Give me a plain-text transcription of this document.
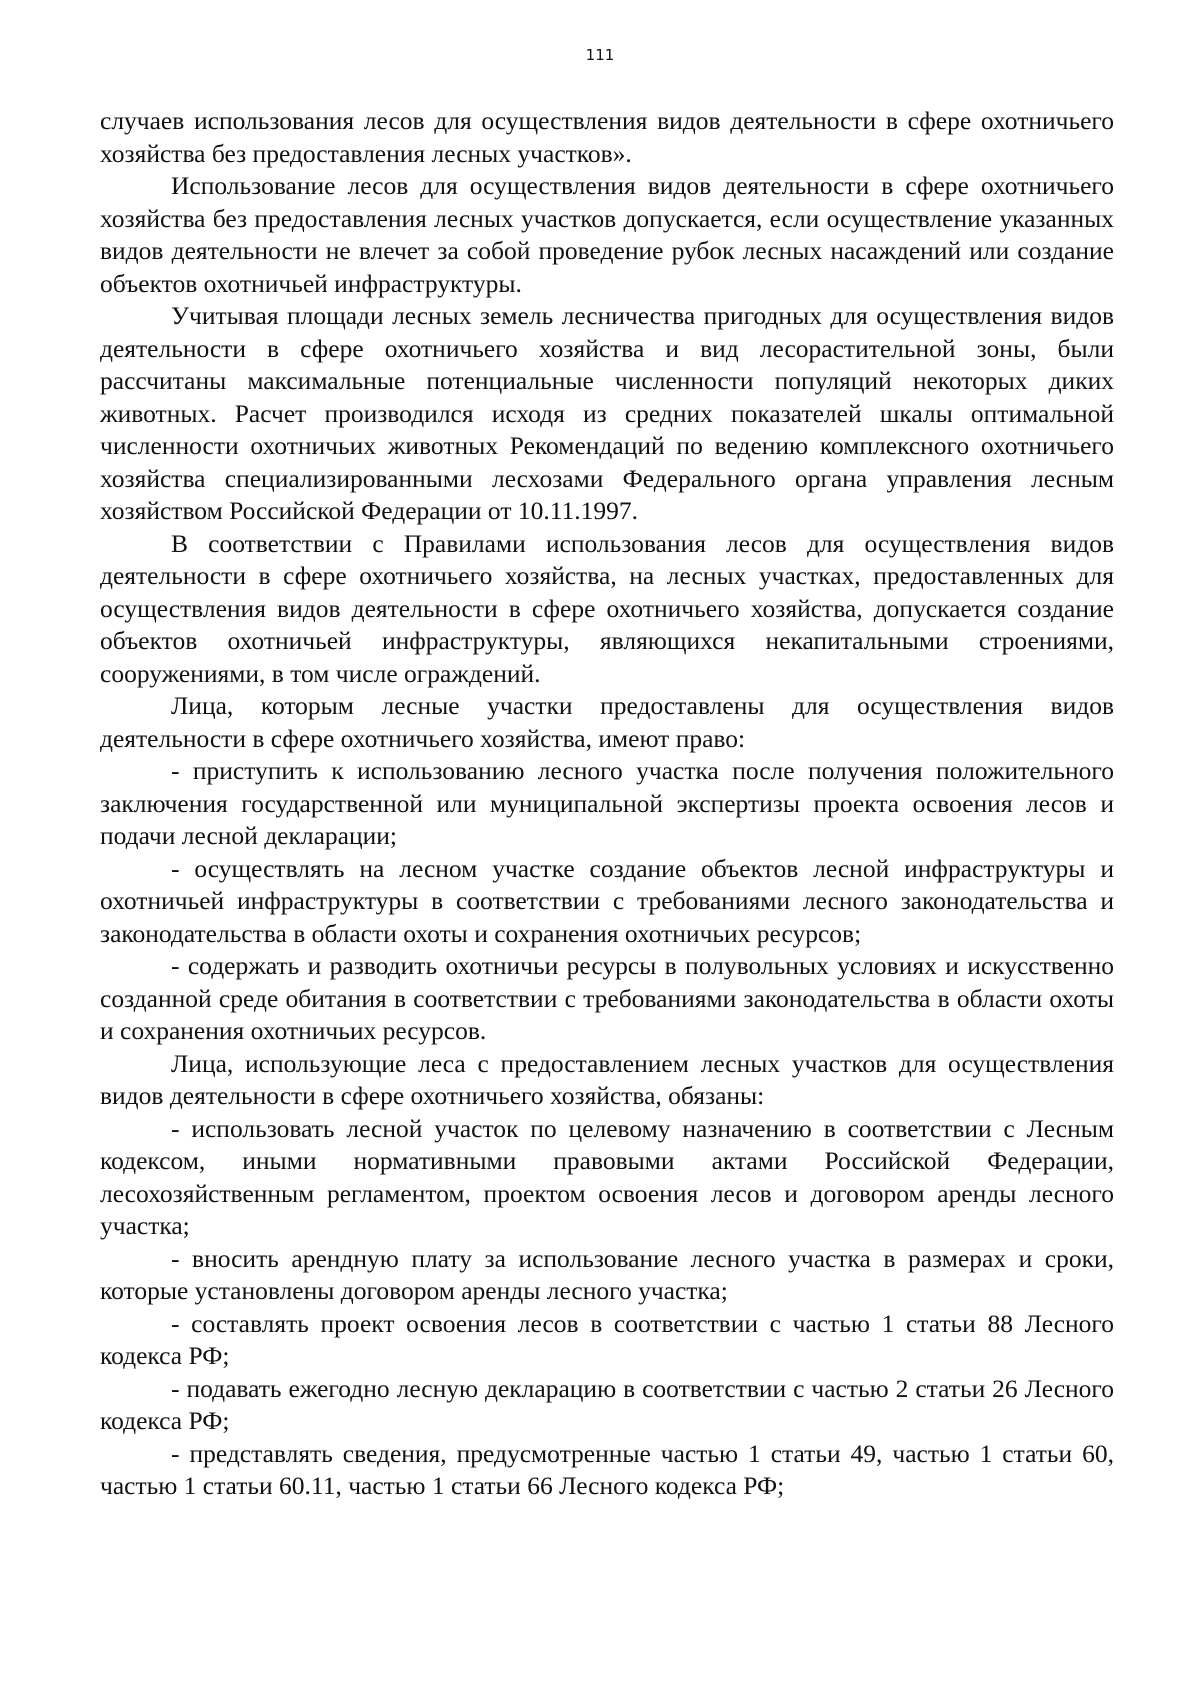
111

случаев использования лесов для осуществления видов деятельности в сфере охотничьего хозяйства без предоставления лесных участков».

Использование лесов для осуществления видов деятельности в сфере охотничьего хозяйства без предоставления лесных участков допускается, если осуществление указанных видов деятельности не влечет за собой проведение рубок лесных насаждений или создание объектов охотничьей инфраструктуры.

Учитывая площади лесных земель лесничества пригодных для осуществления видов деятельности в сфере охотничьего хозяйства и вид лесорастительной зоны, были рассчитаны максимальные потенциальные численности популяций некоторых диких животных. Расчет производился исходя из средних показателей шкалы оптимальной численности охотничьих животных Рекомендаций по ведению комплексного охотничьего хозяйства специализированными лесхозами Федерального органа управления лесным хозяйством Российской Федерации от 10.11.1997.

В соответствии с Правилами использования лесов для осуществления видов деятельности в сфере охотничьего хозяйства, на лесных участках, предоставленных для осуществления видов деятельности в сфере охотничьего хозяйства, допускается создание объектов охотничьей инфраструктуры, являющихся некапитальными строениями, сооружениями, в том числе ограждений.

Лица, которым лесные участки предоставлены для осуществления видов деятельности в сфере охотничьего хозяйства, имеют право:

- приступить к использованию лесного участка после получения положительного заключения государственной или муниципальной экспертизы проекта освоения лесов и подачи лесной декларации;

- осуществлять на лесном участке создание объектов лесной инфраструктуры и охотничьей инфраструктуры в соответствии с требованиями лесного законодательства и законодательства в области охоты и сохранения охотничьих ресурсов;

- содержать и разводить охотничьи ресурсы в полувольных условиях и искусственно созданной среде обитания в соответствии с требованиями законодательства в области охоты и сохранения охотничьих ресурсов.

Лица, использующие леса с предоставлением лесных участков для осуществления видов деятельности в сфере охотничьего хозяйства, обязаны:

- использовать лесной участок по целевому назначению в соответствии с Лесным кодексом, иными нормативными правовыми актами Российской Федерации, лесохозяйственным регламентом, проектом освоения лесов и договором аренды лесного участка;

- вносить арендную плату за использование лесного участка в размерах и сроки, которые установлены договором аренды лесного участка;

- составлять проект освоения лесов в соответствии с частью 1 статьи 88 Лесного кодекса РФ;

- подавать ежегодно лесную декларацию в соответствии с частью 2 статьи 26 Лесного кодекса РФ;

- представлять сведения, предусмотренные частью 1 статьи 49, частью 1 статьи 60, частью 1 статьи 60.11, частью 1 статьи 66 Лесного кодекса РФ;
